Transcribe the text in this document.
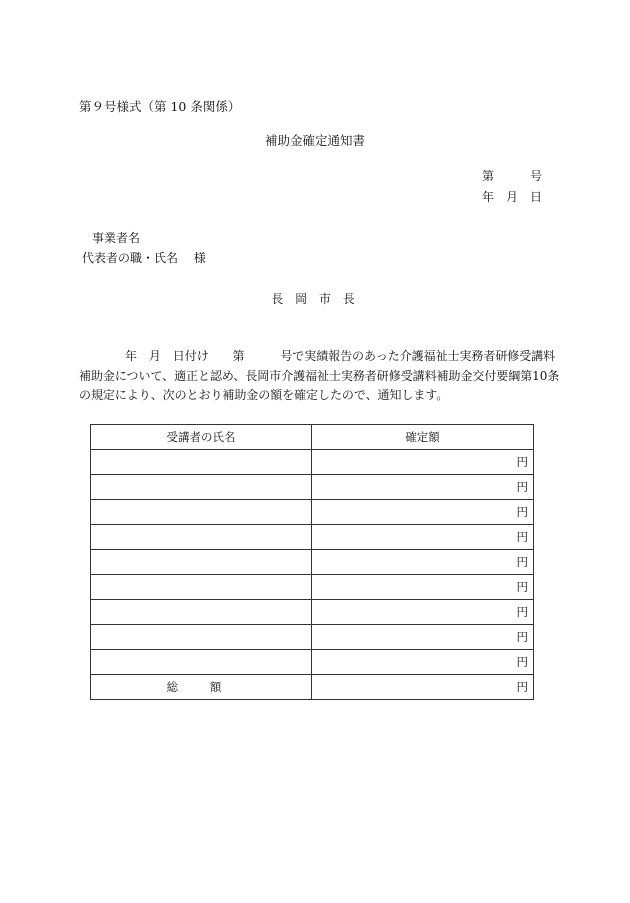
第９号様式（第 10 条関係）
補助金確定通知書
第	号
年 月 日
事業者名
代表者の職・氏名　 様
長 岡 市 長
年　月　日付け　　第　　　号で実績報告のあった介護福祉士実務者研修受講料
補助金について、適正と認め、長岡市介護福祉士実務者研修受講料補助金交付要綱第10条
の規定により、次のとおり補助金の額を確定したので、通知します。
受講者の氏名	確定額
	円
	円
	円
	円
	円
	円
	円
	円
	円
総 額	円
